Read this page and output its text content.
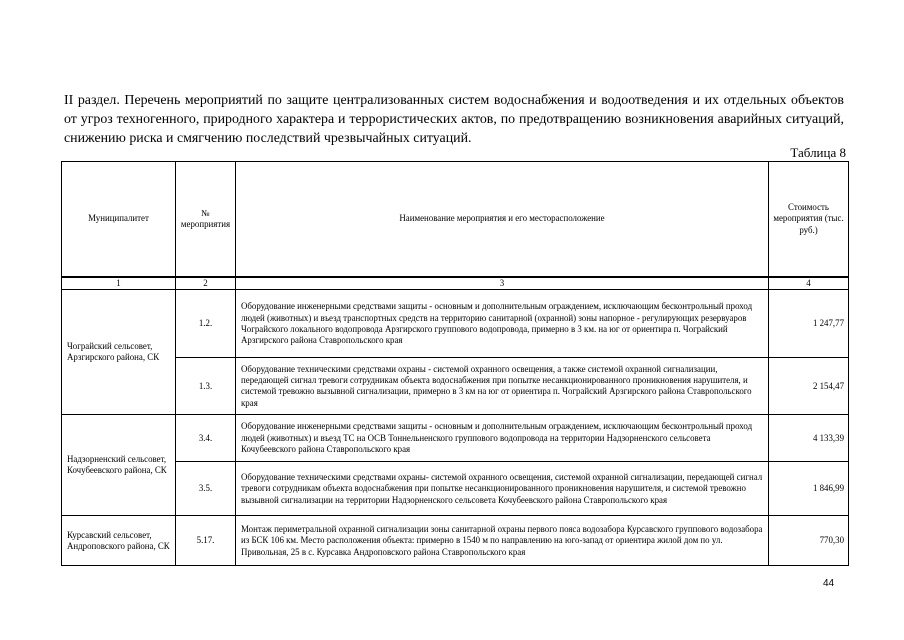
II раздел. Перечень мероприятий по защите централизованных систем водоснабжения и водоотведения и их отдельных объектов от угроз техногенного, природного характера и террористических актов, по предотвращению возникновения аварийных ситуаций, снижению риска и смягчению последствий чрезвычайных ситуаций.
Таблица 8
Муниципалитет	№ мероприятия	Наименование мероприятия и его месторасположение	Стоимость мероприятия (тыс. руб.)
1	2	3	4
Чограйский сельсовет, Арзгирского района, СК	1.2.	Оборудование инженерными средствами защиты - основным и дополнительным ограждением, исключающим бесконтрольный проход людей (животных) и въезд транспортных средств на территорию санитарной (охранной) зоны напорное - регулирующих резервуаров Чограйского локального водопровода Арзгирского группового водопровода, примерно в 3 км. на юг от ориентира п. Чограйский Арзгирского района Ставропольского края	1 247,77
	1.3.	Оборудование техническими средствами охраны - системой охранного освещения, а также системой охранной сигнализации, передающей сигнал тревоги сотрудникам объекта водоснабжения при попытке несанкционированного проникновения нарушителя, и системой тревожно вызывной сигнализации, примерно в 3 км на юг от ориентира п. Чограйский Арзгирского района Ставропольского края	2 154,47
Надзорненский сельсовет, Кочубеевского района, СК	3.4.	Оборудование инженерными средствами защиты - основным и дополнительным ограждением, исключающим бесконтрольный проход людей (животных) и въезд ТС на ОСВ Тоннельненского группового водопровода на территории Надзорненского сельсовета Кочубеевского района Ставропольского края	4 133,39
	3.5.	Оборудование техническими средствами охраны- системой охранного освещения, системой охранной сигнализации, передающей сигнал тревоги сотрудникам объекта водоснабжения при попытке несанкционированного проникновения нарушителя, и системой тревожно вызывной сигнализации на территории Надзорненского сельсовета Кочубеевского района Ставропольского края	1 846,99
Курсавский сельсовет, Андроповского района, СК	5.17.	Монтаж периметральной охранной сигнализации зоны санитарной охраны первого пояса водозабора Курсавского группового водозабора из БСК 106 км. Место расположения объекта: примерно в 1540 м по направлению на юго-запад от ориентира жилой дом по ул. Привольная, 25 в с. Курсавка Андроповского района Ставропольского края	770,30
44
